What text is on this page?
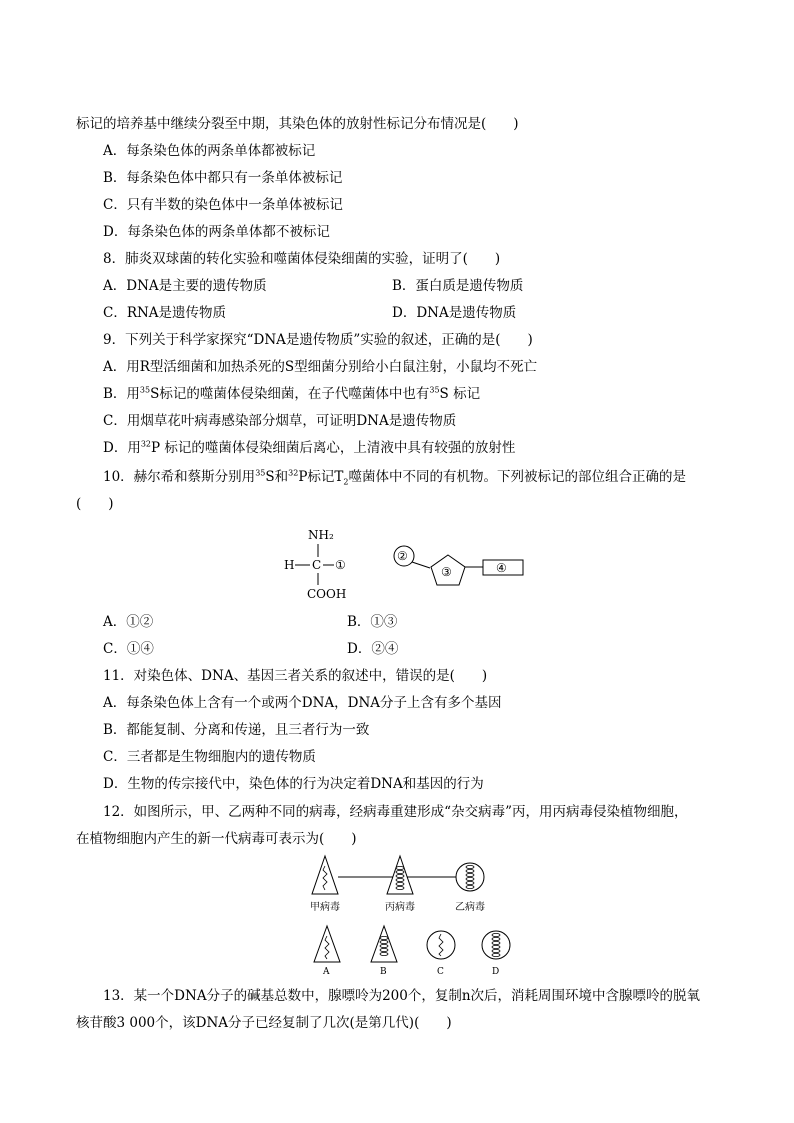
标记的培养基中继续分裂至中期，其染色体的放射性标记分布情况是(　　)
A．每条染色体的两条单体都被标记
B．每条染色体中都只有一条单体被标记
C．只有半数的染色体中一条单体被标记
D．每条染色体的两条单体都不被标记
8．肺炎双球菌的转化实验和噬菌体侵染细菌的实验，证明了(　　)
A．DNA是主要的遗传物质	B．蛋白质是遗传物质
C．RNA是遗传物质	D．DNA是遗传物质
9．下列关于科学家探究“DNA是遗传物质”实验的叙述，正确的是(　　)
A．用R型活细菌和加热杀死的S型细菌分别给小白鼠注射，小鼠均不死亡
B．用$^{35}$S标记的噬菌体侵染细菌，在子代噬菌体中也有$^{35}$S 标记
C．用烟草花叶病毒感染部分烟草，可证明DNA是遗传物质
D．用$^{32}$P 标记的噬菌体侵染细菌后离心，上清液中具有较强的放射性
10．赫尔希和蔡斯分别用$^{35}$S和$^{32}$P标记$T_2$噬菌体中不同的有机物。下列被标记的部位组合正确的是
(　　)
NH₂
H C ①
COOH
②
③	④
A．①②	B．①③
C．①④	D．②④
11．对染色体、DNA、基因三者关系的叙述中，错误的是(　　)
A．每条染色体上含有一个或两个DNA，DNA分子上含有多个基因
B．都能复制、分离和传递，且三者行为一致
C．三者都是生物细胞内的遗传物质
D．生物的传宗接代中，染色体的行为决定着DNA和基因的行为
12．如图所示，甲、乙两种不同的病毒，经病毒重建形成“杂交病毒”丙，用丙病毒侵染植物细胞，
在植物细胞内产生的新一代病毒可表示为(　　)
甲病毒	丙病毒	乙病毒
A	B	C	D
13．某一个DNA分子的碱基总数中，腺嘌呤为200个，复制n次后，消耗周围环境中含腺嘌呤的脱氧
核苷酸3 000个，该DNA分子已经复制了几次(是第几代)(　　)
